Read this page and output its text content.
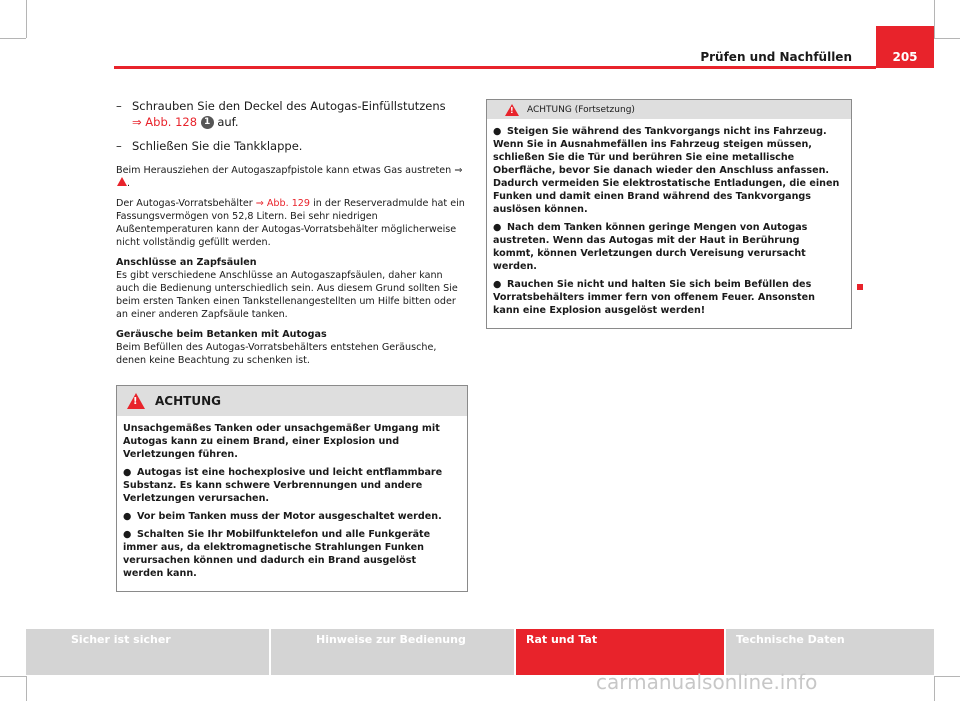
Prüfen und Nachfüllen	205
– Schrauben Sie den Deckel des Autogas-Einfüllstutzens
⇒ Abb. 128 1 auf.
– Schließen Sie die Tankklappe.

Beim Herausziehen der Autogaszapfpistole kann etwas Gas austreten ⇒ .

Der Autogas-Vorratsbehälter ⇒ Abb. 129 in der Reserveradmulde hat ein Fassungsvermögen von 52,8 Litern. Bei sehr niedrigen Außentemperaturen kann der Autogas-Vorratsbehälter möglicherweise nicht vollständig gefüllt werden.

Anschlüsse an Zapfsäulen

Es gibt verschiedene Anschlüsse an Autogaszapfsäulen, daher kann auch die Bedienung unterschiedlich sein. Aus diesem Grund sollten Sie beim ersten Tanken einen Tankstellenangestellten um Hilfe bitten oder an einer anderen Zapfsäule tanken.

Geräusche beim Betanken mit Autogas

Beim Befüllen des Autogas-Vorratsbehälters entstehen Geräusche, denen keine Beachtung zu schenken ist.

!
ACHTUNG

Unsachgemäßes Tanken oder unsachgemäßer Umgang mit Autogas kann zu einem Brand, einer Explosion und Verletzungen führen.

● Autogas ist eine hochexplosive und leicht entflammbare Substanz. Es kann schwere Verbrennungen und andere Verletzungen verursachen.

● Vor beim Tanken muss der Motor ausgeschaltet werden.

● Schalten Sie Ihr Mobilfunktelefon und alle Funkgeräte immer aus, da elektromagnetische Strahlungen Funken verursachen können und dadurch ein Brand ausgelöst werden kann.

!
ACHTUNG (Fortsetzung)

● Steigen Sie während des Tankvorgangs nicht ins Fahrzeug. Wenn Sie in Ausnahmefällen ins Fahrzeug steigen müssen, schließen Sie die Tür und berühren Sie eine metallische Oberfläche, bevor Sie danach wieder den Anschluss anfassen. Dadurch vermeiden Sie elektrostatische Entladungen, die einen Funken und damit einen Brand während des Tankvorgangs auslösen können.

● Nach dem Tanken können geringe Mengen von Autogas austreten. Wenn das Autogas mit der Haut in Berührung kommt, können Verletzungen durch Vereisung verursacht werden.

● Rauchen Sie nicht und halten Sie sich beim Befüllen des Vorratsbehälters immer fern von offenem Feuer. Ansonsten kann eine Explosion ausgelöst werden!

Sicher ist sicher	Hinweise zur Bedienung	Rat und Tat	Technische Daten
carmanualsonline.info
